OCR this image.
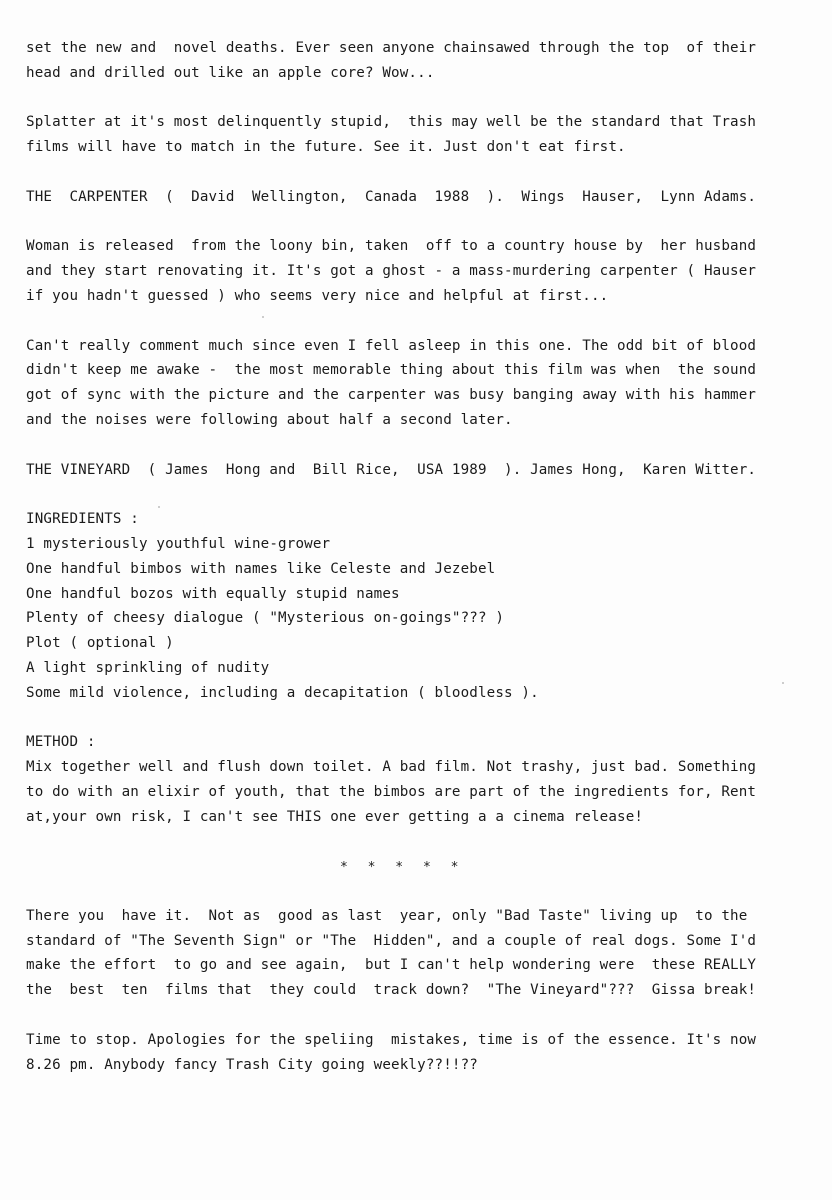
set the new and  novel deaths. Ever seen anyone chainsawed through the top  of their
head and drilled out like an apple core? Wow...
Splatter at it's most delinquently stupid,  this may well be the standard that Trash
films will have to match in the future. See it. Just don't eat first.
THE  CARPENTER  (  David  Wellington,  Canada  1988  ).  Wings  Hauser,  Lynn Adams.
Woman is released  from the loony bin, taken  off to a country house by  her husband
and they start renovating it. It's got a ghost - a mass-murdering carpenter ( Hauser
if you hadn't guessed ) who seems very nice and helpful at first...
Can't really comment much since even I fell asleep in this one. The odd bit of blood
didn't keep me awake -  the most memorable thing about this film was when  the sound
got of sync with the picture and the carpenter was busy banging away with his hammer
and the noises were following about half a second later.
THE VINEYARD  ( James  Hong and  Bill Rice,  USA 1989  ). James Hong,  Karen Witter.
INGREDIENTS :
1 mysteriously youthful wine-grower
One handful bimbos with names like Celeste and Jezebel
One handful bozos with equally stupid names
Plenty of cheesy dialogue ( "Mysterious on-goings"??? )
Plot ( optional )
A light sprinkling of nudity
Some mild violence, including a decapitation ( bloodless ).
METHOD :
Mix together well and flush down toilet. A bad film. Not trashy, just bad. Something
to do with an elixir of youth, that the bimbos are part of the ingredients for, Rent
at,your own risk, I can't see THIS one ever getting a a cinema release!
There you  have it.  Not as  good as last  year, only "Bad Taste" living up  to the
standard of "The Seventh Sign" or "The  Hidden", and a couple of real dogs. Some I'd
make the effort  to go and see again,  but I can't help wondering were  these REALLY
the  best  ten  films that  they could  track down?  "The Vineyard"???  Gissa break!
Time to stop. Apologies for the speliing  mistakes, time is of the essence. It's now
8.26 pm. Anybody fancy Trash City going weekly??!!??
* * * * *
